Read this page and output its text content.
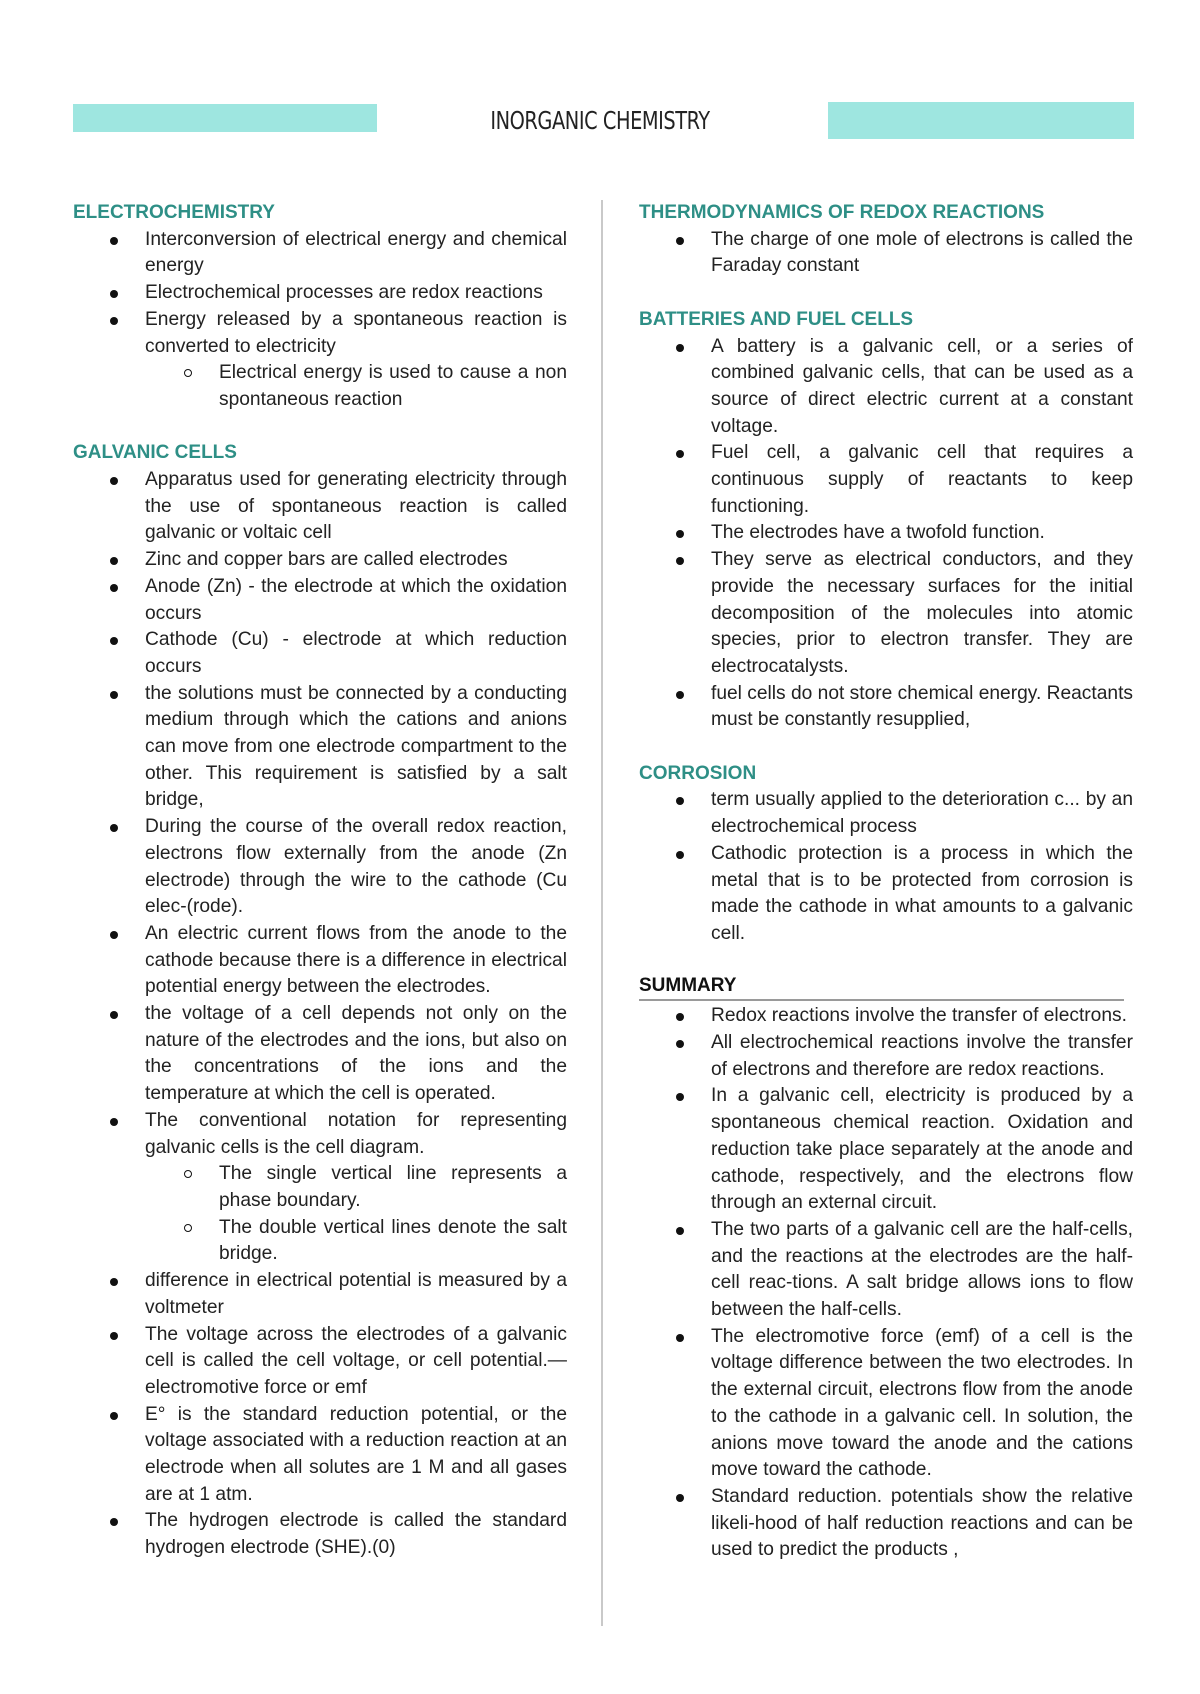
INORGANIC CHEMISTRY
ELECTROCHEMISTRY
Interconversion of electrical energy and chemical energy
Electrochemical processes are redox reactions
Energy released by a spontaneous reaction is converted to electricity
Electrical energy is used to cause a non spontaneous reaction
GALVANIC CELLS
Apparatus used for generating electricity through the use of spontaneous reaction is called galvanic or voltaic cell
Zinc and copper bars are called electrodes
Anode (Zn) - the electrode at which the oxidation occurs
Cathode (Cu) - electrode at which reduction occurs
the solutions must be connected by a conducting medium through which the cations and anions can move from one electrode compartment to the other. This requirement is satisfied by a salt bridge,
During the course of the overall redox reaction, electrons flow externally from the anode (Zn electrode) through the wire to the cathode (Cu elec-(rode).
An electric current flows from the anode to the cathode because there is a difference in electrical potential energy between the electrodes.
the voltage of a cell depends not only on the nature of the electrodes and the ions, but also on the concentrations of the ions and the temperature at which the cell is operated.
The conventional notation for representing galvanic cells is the cell diagram.
The single vertical line represents a phase boundary.
The double vertical lines denote the salt bridge.
difference in electrical potential is measured by a voltmeter
The voltage across the electrodes of a galvanic cell is called the cell voltage, or cell potential.— electromotive force or emf
E° is the standard reduction potential, or the voltage associated with a reduction reaction at an electrode when all solutes are 1 M and all gases are at 1 atm.
The hydrogen electrode is called the standard hydrogen electrode (SHE).(0)
THERMODYNAMICS OF REDOX REACTIONS
The charge of one mole of electrons is called the Faraday constant
BATTERIES AND FUEL CELLS
A battery is a galvanic cell, or a series of combined galvanic cells, that can be used as a source of direct electric current at a constant voltage.
Fuel cell, a galvanic cell that requires a continuous supply of reactants to keep functioning.
The electrodes have a twofold function.
They serve as electrical conductors, and they provide the necessary surfaces for the initial decomposition of the molecules into atomic species, prior to electron transfer. They are electrocatalysts.
fuel cells do not store chemical energy. Reactants must be constantly resupplied,
CORROSION
term usually applied to the deterioration c... by an electrochemical process
Cathodic protection is a process in which the metal that is to be protected from corrosion is made the cathode in what amounts to a galvanic cell.
SUMMARY
Redox reactions involve the transfer of electrons.
All electrochemical reactions involve the transfer of electrons and therefore are redox reactions.
In a galvanic cell, electricity is produced by a spontaneous chemical reaction. Oxidation and reduction take place separately at the anode and cathode, respectively, and the electrons flow through an external circuit.
The two parts of a galvanic cell are the half-cells, and the reactions at the electrodes are the half-cell reac-tions. A salt bridge allows ions to flow between the half-cells.
The electromotive force (emf) of a cell is the voltage difference between the two electrodes. In the external circuit, electrons flow from the anode to the cathode in a galvanic cell. In solution, the anions move toward the anode and the cations move toward the cathode.
Standard reduction. potentials show the relative likeli-hood of half reduction reactions and can be used to predict the products ,
